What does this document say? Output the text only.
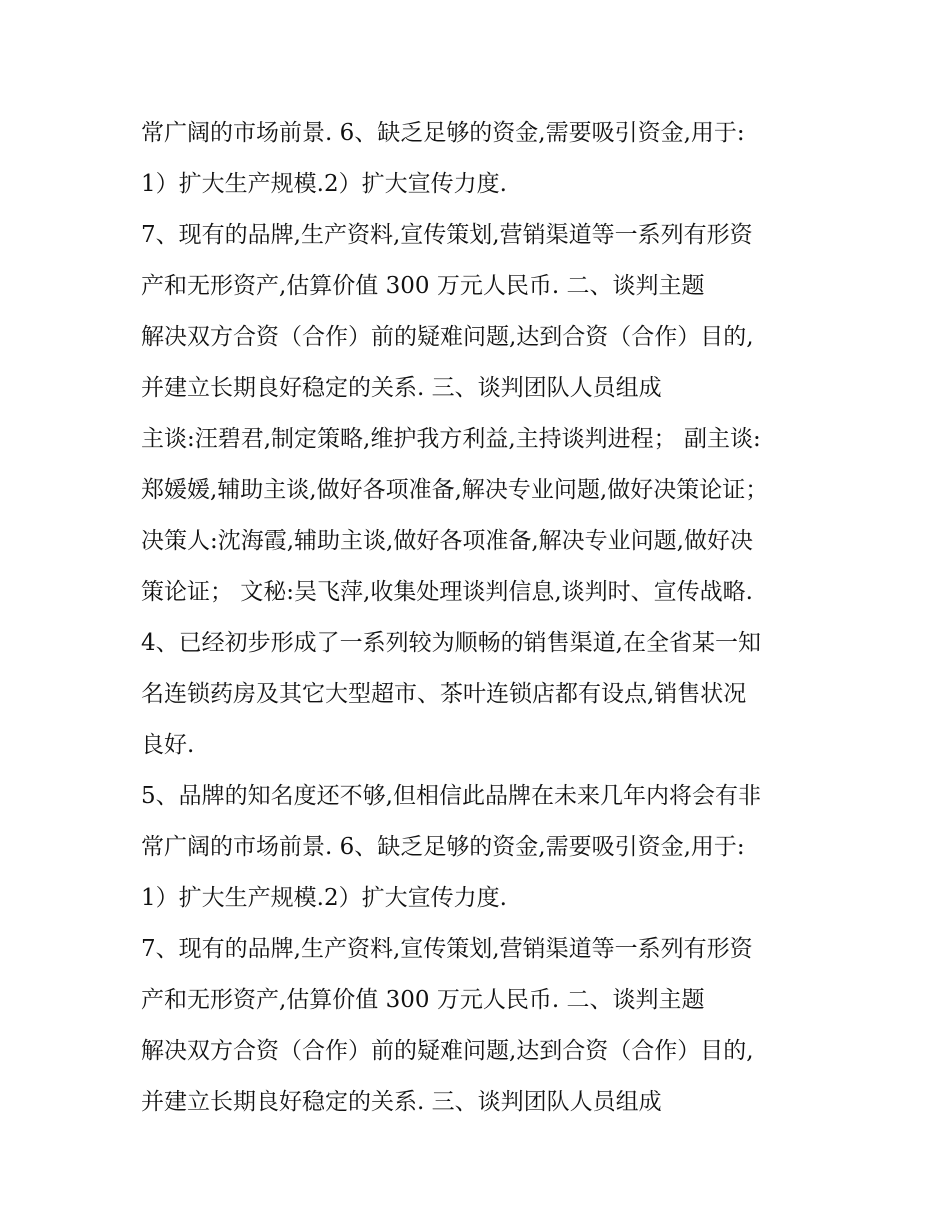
常广阔的市场前景. 6、缺乏足够的资金,需要吸引资金,用于:
1）扩大生产规模.2）扩大宣传力度.
7、现有的品牌,生产资料,宣传策划,营销渠道等一系列有形资
产和无形资产,估算价值 300 万元人民币. 二、谈判主题
解决双方合资（合作）前的疑难问题,达到合资（合作）目的,
并建立长期良好稳定的关系. 三、谈判团队人员组成
主谈:汪碧君,制定策略,维护我方利益,主持谈判进程； 副主谈:
郑媛媛,辅助主谈,做好各项准备,解决专业问题,做好决策论证；
决策人:沈海霞,辅助主谈,做好各项准备,解决专业问题,做好决
策论证； 文秘:吴飞萍,收集处理谈判信息,谈判时、宣传战略.
4、已经初步形成了一系列较为顺畅的销售渠道,在全省某一知
名连锁药房及其它大型超市、茶叶连锁店都有设点,销售状况
良好.
5、品牌的知名度还不够,但相信此品牌在未来几年内将会有非
常广阔的市场前景. 6、缺乏足够的资金,需要吸引资金,用于:
1）扩大生产规模.2）扩大宣传力度.
7、现有的品牌,生产资料,宣传策划,营销渠道等一系列有形资
产和无形资产,估算价值 300 万元人民币. 二、谈判主题
解决双方合资（合作）前的疑难问题,达到合资（合作）目的,
并建立长期良好稳定的关系. 三、谈判团队人员组成
